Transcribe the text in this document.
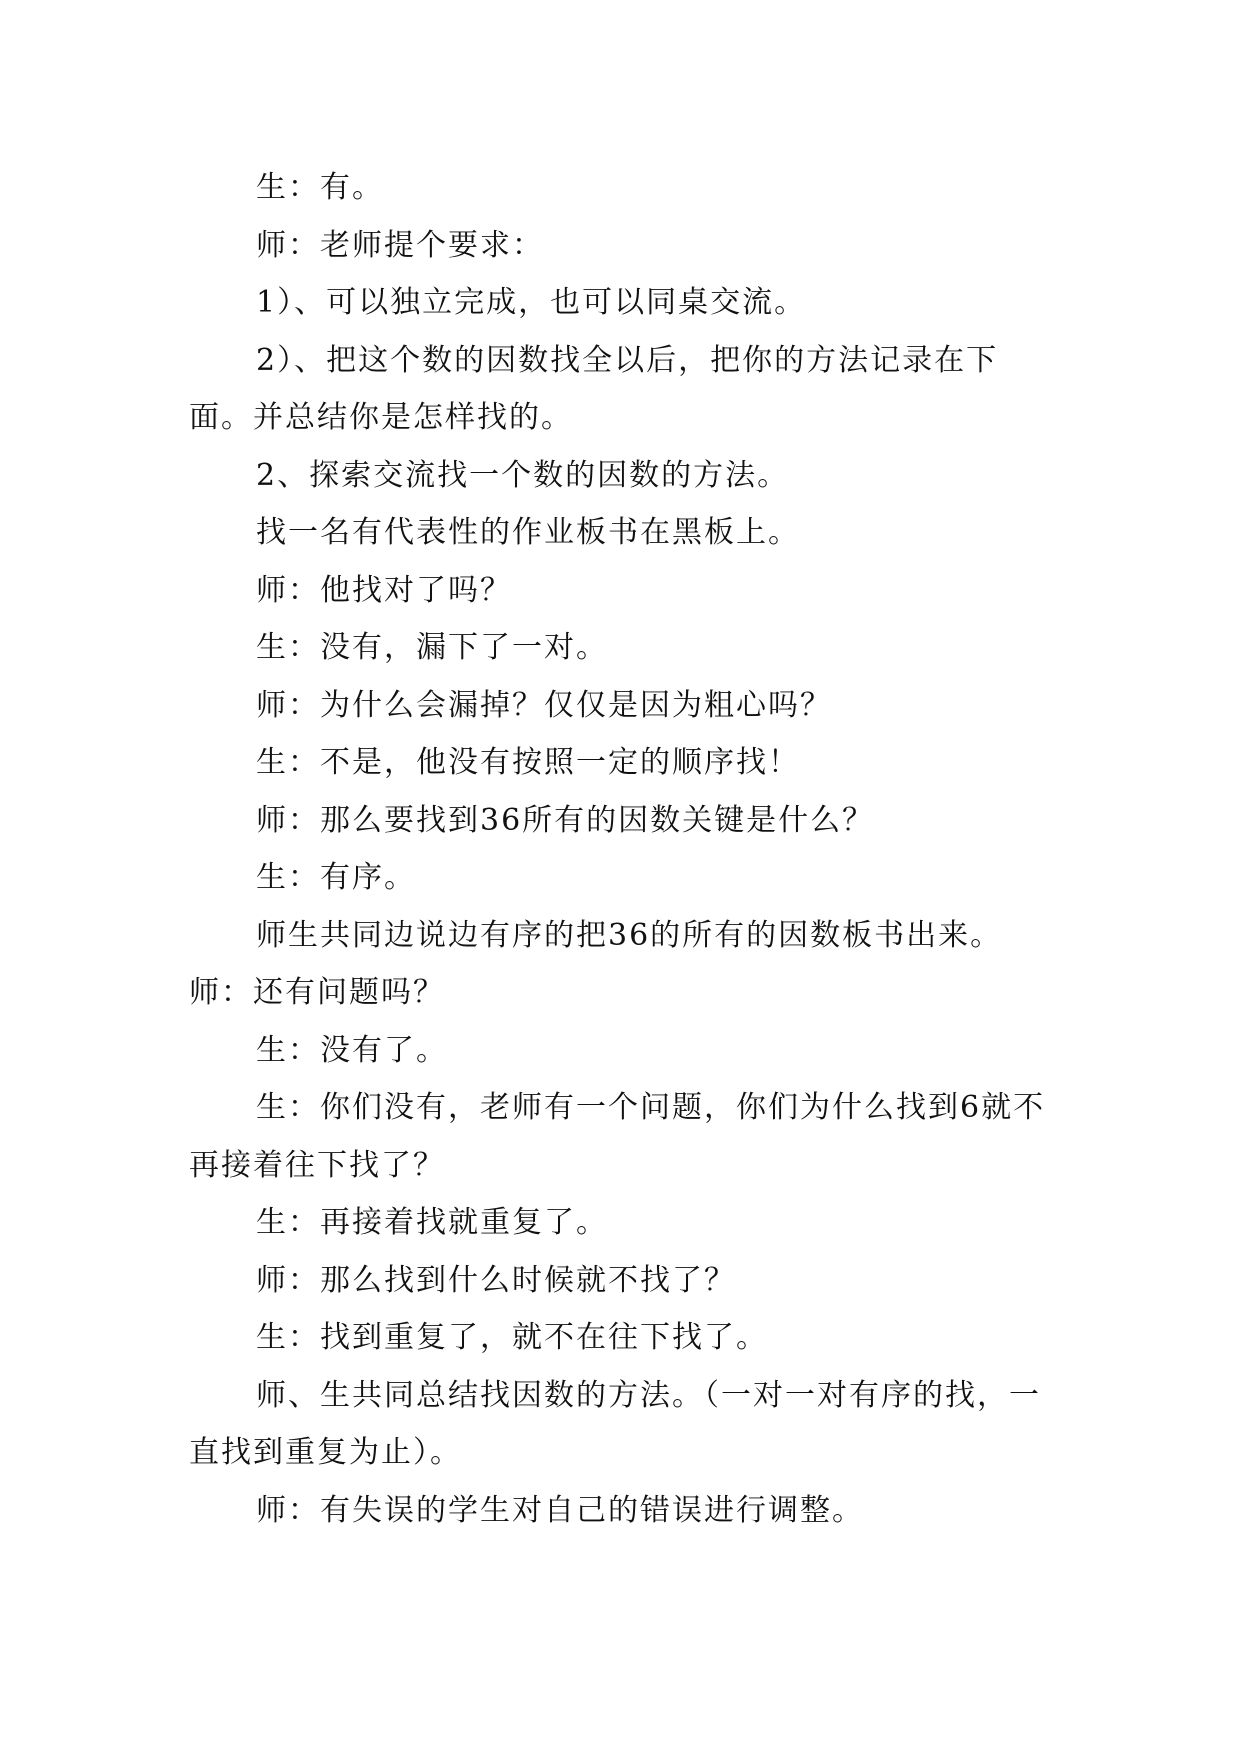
生：有。

师：老师提个要求：

1）、可以独立完成，也可以同桌交流。

2）、把这个数的因数找全以后，把你的方法记录在下面。并总结你是怎样找的。

2、探索交流找一个数的因数的方法。

找一名有代表性的作业板书在黑板上。

师：他找对了吗？

生：没有，漏下了一对。

师：为什么会漏掉？仅仅是因为粗心吗？

生：不是，他没有按照一定的顺序找！

师：那么要找到36所有的因数关键是什么？

生：有序。

师生共同边说边有序的把36的所有的因数板书出来。

师：还有问题吗？

生：没有了。

生：你们没有，老师有一个问题，你们为什么找到6就不再接着往下找了？

生：再接着找就重复了。

师：那么找到什么时候就不找了？

生：找到重复了，就不在往下找了。

师、生共同总结找因数的方法。（一对一对有序的找，一直找到重复为止）。

师：有失误的学生对自己的错误进行调整。
